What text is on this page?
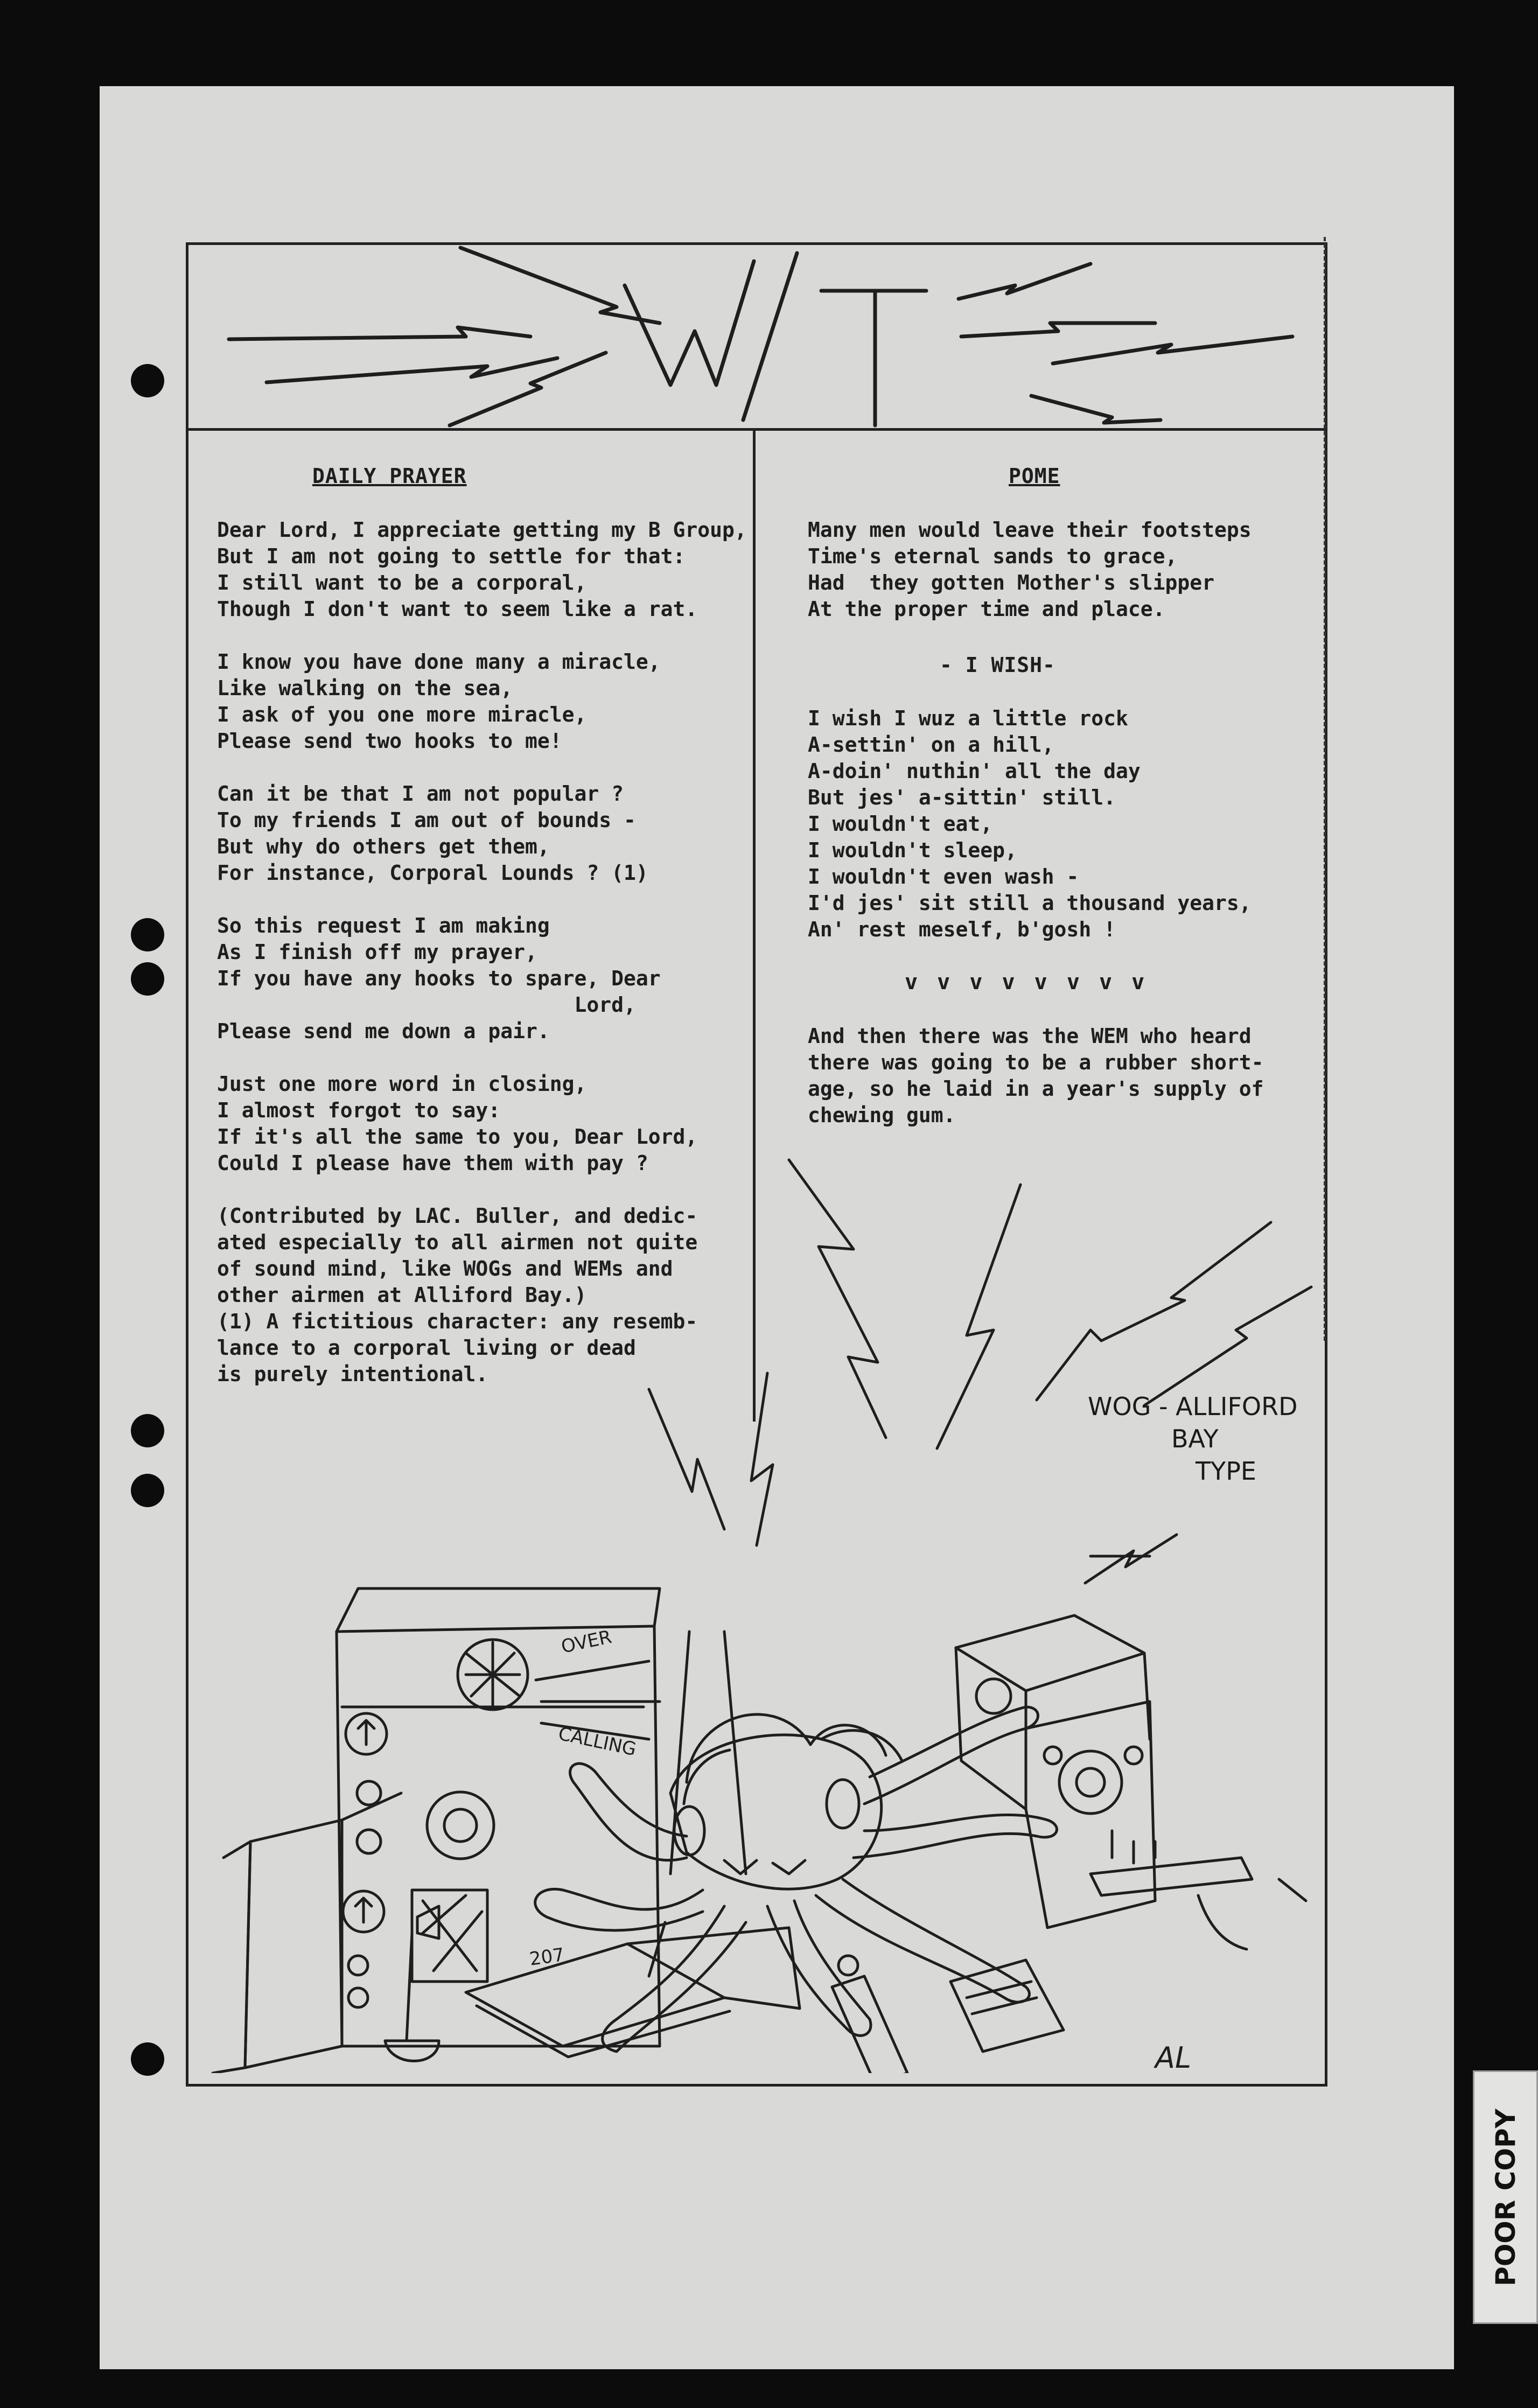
DAILY PRAYER

Dear Lord, I appreciate getting my B Group,

But I am not going to settle for that:

I still want to be a corporal,

Though I don't want to seem like a rat.

I know you have done many a miracle,

Like walking on the sea,

I ask of you one more miracle,

Please send two hooks to me!

Can it be that I am not popular ?

To my friends I am out of bounds -

But why do others get them,

For instance, Corporal Lounds ? (1)

So this request I am making

As I finish off my prayer,

If you have any hooks to spare, Dear

Lord,

Please send me down a pair.

Just one more word in closing,

I almost forgot to say:

If it's all the same to you, Dear Lord,

Could I please have them with pay ?

(Contributed by LAC. Buller, and dedic-

ated especially to all airmen not quite

of sound mind, like WOGs and WEMs and

other airmen at Alliford Bay.)

(1) A fictitious character: any resemb-

lance to a corporal living or dead

is purely intentional.

POME

Many men would leave their footsteps

Time's eternal sands to grace,

Had  they gotten Mother's slipper

At the proper time and place.

- I WISH-

I wish I wuz a little rock

A-settin' on a hill,

A-doin' nuthin' all the day

But jes' a-sittin' still.

I wouldn't eat,

I wouldn't sleep,

I wouldn't even wash -

I'd jes' sit still a thousand years,

An' rest meself, b'gosh !

v v v v v v v v

And then there was the WEM who heard

there was going to be a rubber short-

age, so he laid in a year's supply of

chewing gum.

OVER
CALLING
207
AL
WOG - ALLIFORD
BAY
TYPE
POOR COPY
